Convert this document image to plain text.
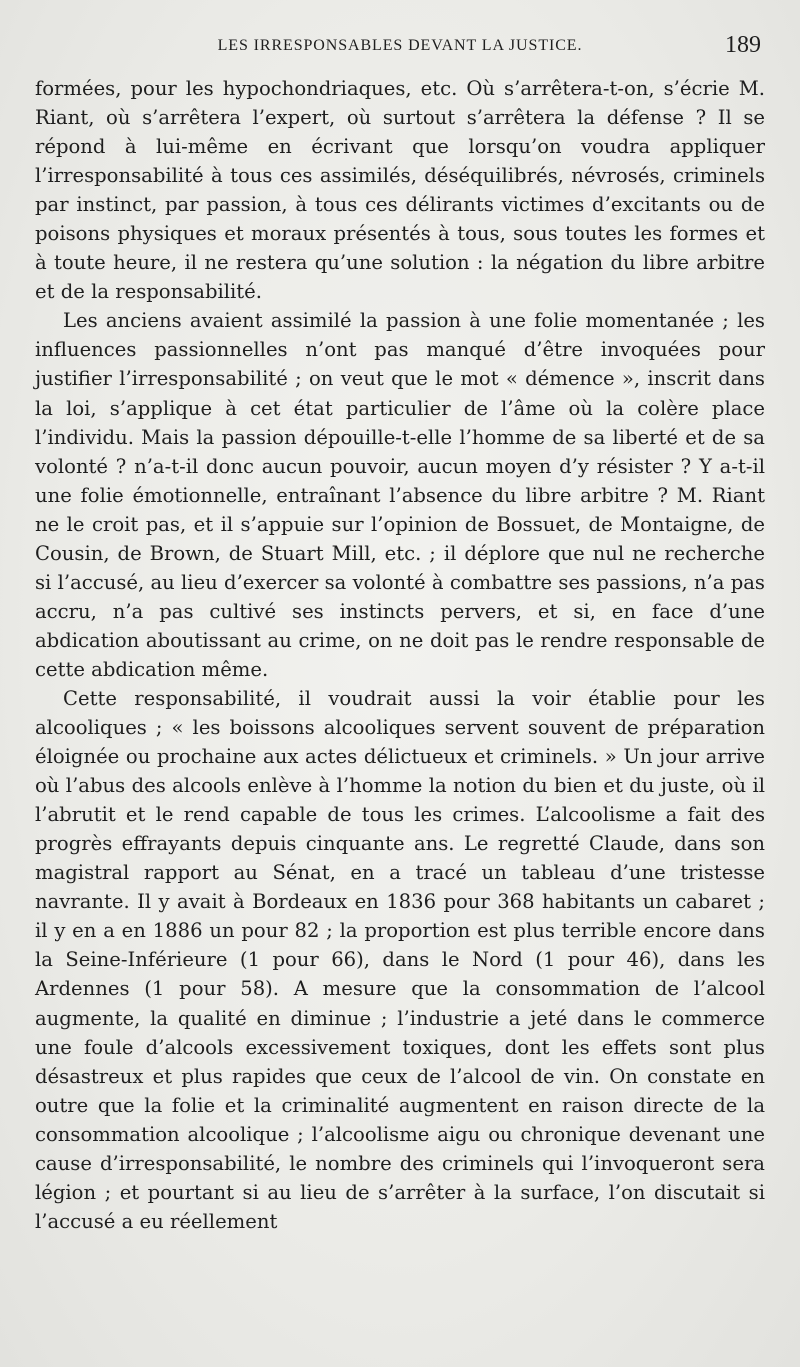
LES IRRESPONSABLES DEVANT LA JUSTICE.	189

formées, pour les hypochondriaques, etc. Où s’arrêtera-t-on, s’écrie M. Riant, où s’arrêtera l’expert, où surtout s’arrêtera la défense ? Il se répond à lui-même en écrivant que lorsqu’on voudra appliquer l’irresponsabilité à tous ces assimilés, déséquilibrés, névrosés, criminels par instinct, par passion, à tous ces délirants victimes d’excitants ou de poisons physiques et moraux présentés à tous, sous toutes les formes et à toute heure, il ne restera qu’une solution : la négation du libre arbitre et de la responsabilité.

Les anciens avaient assimilé la passion à une folie momentanée ; les influences passionnelles n’ont pas manqué d’être invoquées pour justifier l’irresponsabilité ; on veut que le mot « démence », inscrit dans la loi, s’applique à cet état particulier de l’âme où la colère place l’individu. Mais la passion dépouille-t-elle l’homme de sa liberté et de sa volonté ? n’a-t-il donc aucun pouvoir, aucun moyen d’y résister ? Y a-t-il une folie émotionnelle, entraînant l’absence du libre arbitre ? M. Riant ne le croit pas, et il s’appuie sur l’opinion de Bossuet, de Montaigne, de Cousin, de Brown, de Stuart Mill, etc. ; il déplore que nul ne recherche si l’accusé, au lieu d’exercer sa volonté à combattre ses passions, n’a pas accru, n’a pas cultivé ses instincts pervers, et si, en face d’une abdication aboutissant au crime, on ne doit pas le rendre responsable de cette abdication même.

Cette responsabilité, il voudrait aussi la voir établie pour les alcooliques ; « les boissons alcooliques servent souvent de préparation éloignée ou prochaine aux actes délictueux et criminels. » Un jour arrive où l’abus des alcools enlève à l’homme la notion du bien et du juste, où il l’abrutit et le rend capable de tous les crimes. L’alcoolisme a fait des progrès effrayants depuis cinquante ans. Le regretté Claude, dans son magistral rapport au Sénat, en a tracé un tableau d’une tristesse navrante. Il y avait à Bordeaux en 1836 pour 368 habitants un cabaret ; il y en a en 1886 un pour 82 ; la proportion est plus terrible encore dans la Seine-Inférieure (1 pour 66), dans le Nord (1 pour 46), dans les Ardennes (1 pour 58). A mesure que la consommation de l’alcool augmente, la qualité en diminue ; l’industrie a jeté dans le commerce une foule d’alcools excessivement toxiques, dont les effets sont plus désastreux et plus rapides que ceux de l’alcool de vin. On constate en outre que la folie et la criminalité augmentent en raison directe de la consommation alcoolique ; l’alcoolisme aigu ou chronique devenant une cause d’irresponsabilité, le nombre des criminels qui l’invoqueront sera légion ; et pourtant si au lieu de s’arrêter à la surface, l’on discutait si l’accusé a eu réellement
